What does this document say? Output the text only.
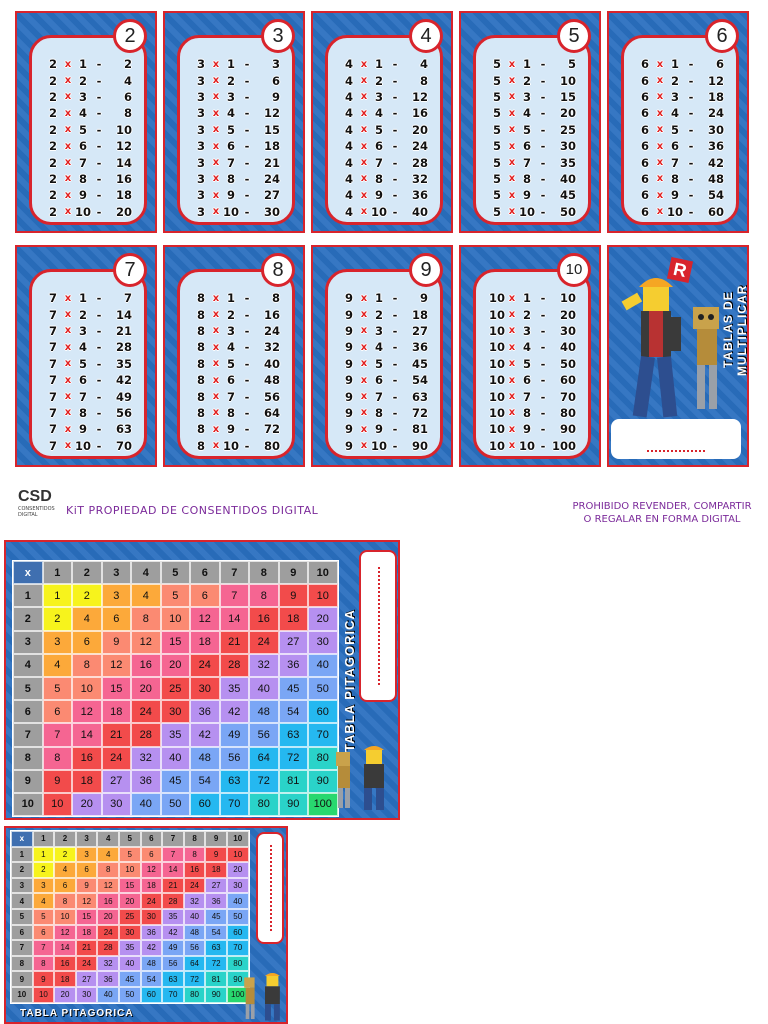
2 x 1 -	2
2 x 2 -	4
2 x 3 -	6
2 x 4 -	8
2 x 5 -	10
2 x 6 -	12
2 x 7 -	14
2 x 8 -	16
2 x 9 -	18
2 x 10 -	20
2
3 x 1 -	3
3 x 2 -	6
3 x 3 -	9
3 x 4 -	12
3 x 5 -	15
3 x 6 -	18
3 x 7 -	21
3 x 8 -	24
3 x 9 -	27
3 x 10 -	30
3
4 x 1 -	4
4 x 2 -	8
4 x 3 -	12
4 x 4 -	16
4 x 5 -	20
4 x 6 -	24
4 x 7 -	28
4 x 8 -	32
4 x 9 -	36
4 x 10 -	40
4
5 x 1 -	5
5 x 2 -	10
5 x 3 -	15
5 x 4 -	20
5 x 5 -	25
5 x 6 -	30
5 x 7 -	35
5 x 8 -	40
5 x 9 -	45
5 x 10 -	50
5
6 x 1 -	6
6 x 2 -	12
6 x 3 -	18
6 x 4 -	24
6 x 5 -	30
6 x 6 -	36
6 x 7 -	42
6 x 8 -	48
6 x 9 -	54
6 x 10 -	60
6
7 x 1 -	7
7 x 2 -	14
7 x 3 -	21
7 x 4 -	28
7 x 5 -	35
7 x 6 -	42
7 x 7 -	49
7 x 8 -	56
7 x 9 -	63
7 x 10 -	70
7
8 x 1 -	8
8 x 2 -	16
8 x 3 -	24
8 x 4 -	32
8 x 5 -	40
8 x 6 -	48
8 x 7 -	56
8 x 8 -	64
8 x 9 -	72
8 x 10 -	80
8
9 x 1 -	9
9 x 2 -	18
9 x 3 -	27
9 x 4 -	36
9 x 5 -	45
9 x 6 -	54
9 x 7 -	63
9 x 8 -	72
9 x 9 -	81
9 x 10 -	90
9
10 x 1 -	10
10 x 2 -	20
10 x 3 -	30
10 x 4 -	40
10 x 5 -	50
10 x 6 -	60
10 x 7 -	70
10 x 8 -	80
10 x 9 -	90
10 x 10 - 100
10	R
TABLAS DE MULTIPLICAR
CSD
CONSENTIDOS DIGITAL	KiT PROPIEDAD DE CONSENTIDOS DIGITAL	PROHIBIDO REVENDER, COMPARTIR O REGALAR EN FORMA DIGITAL
x	1	2	3	4	5	6	7	8	9	10
1	1	2	3	4	5	6	7	8	9	10
2	2	4	6	8	10	12	14	16	18	20
3	3	6	9	12	15	18	21	24	27	30
4	4	8	12	16	20	24	28	32	36	40
5	5	10	15	20	25	30	35	40	45	50
6	6	12	18	24	30	36	42	48	54	60
7	7	14	21	28	35	42	49	56	63	70
8	8	16	24	32	40	48	56	64	72	80
9	9	18	27	36	45	54	63	72	81	90
10	10	20	30	40	50	60	70	80	90	100
TABLA PITAGORICA
x	1	2	3	4	5	6	7	8	9	10
1	1	2	3	4	5	6	7	8	9	10
2	2	4	6	8	10	12	14	16	18	20
3	3	6	9	12	15	18	21	24	27	30
4	4	8	12	16	20	24	28	32	36	40
5	5	10	15	20	25	30	35	40	45	50
6	6	12	18	24	30	36	42	48	54	60
7	7	14	21	28	35	42	49	56	63	70
8	8	16	24	32	40	48	56	64	72	80
9	9	18	27	36	45	54	63	72	81	90
10	10	20	30	40	50	60	70	80	90	100
TABLA PITAGORICA
